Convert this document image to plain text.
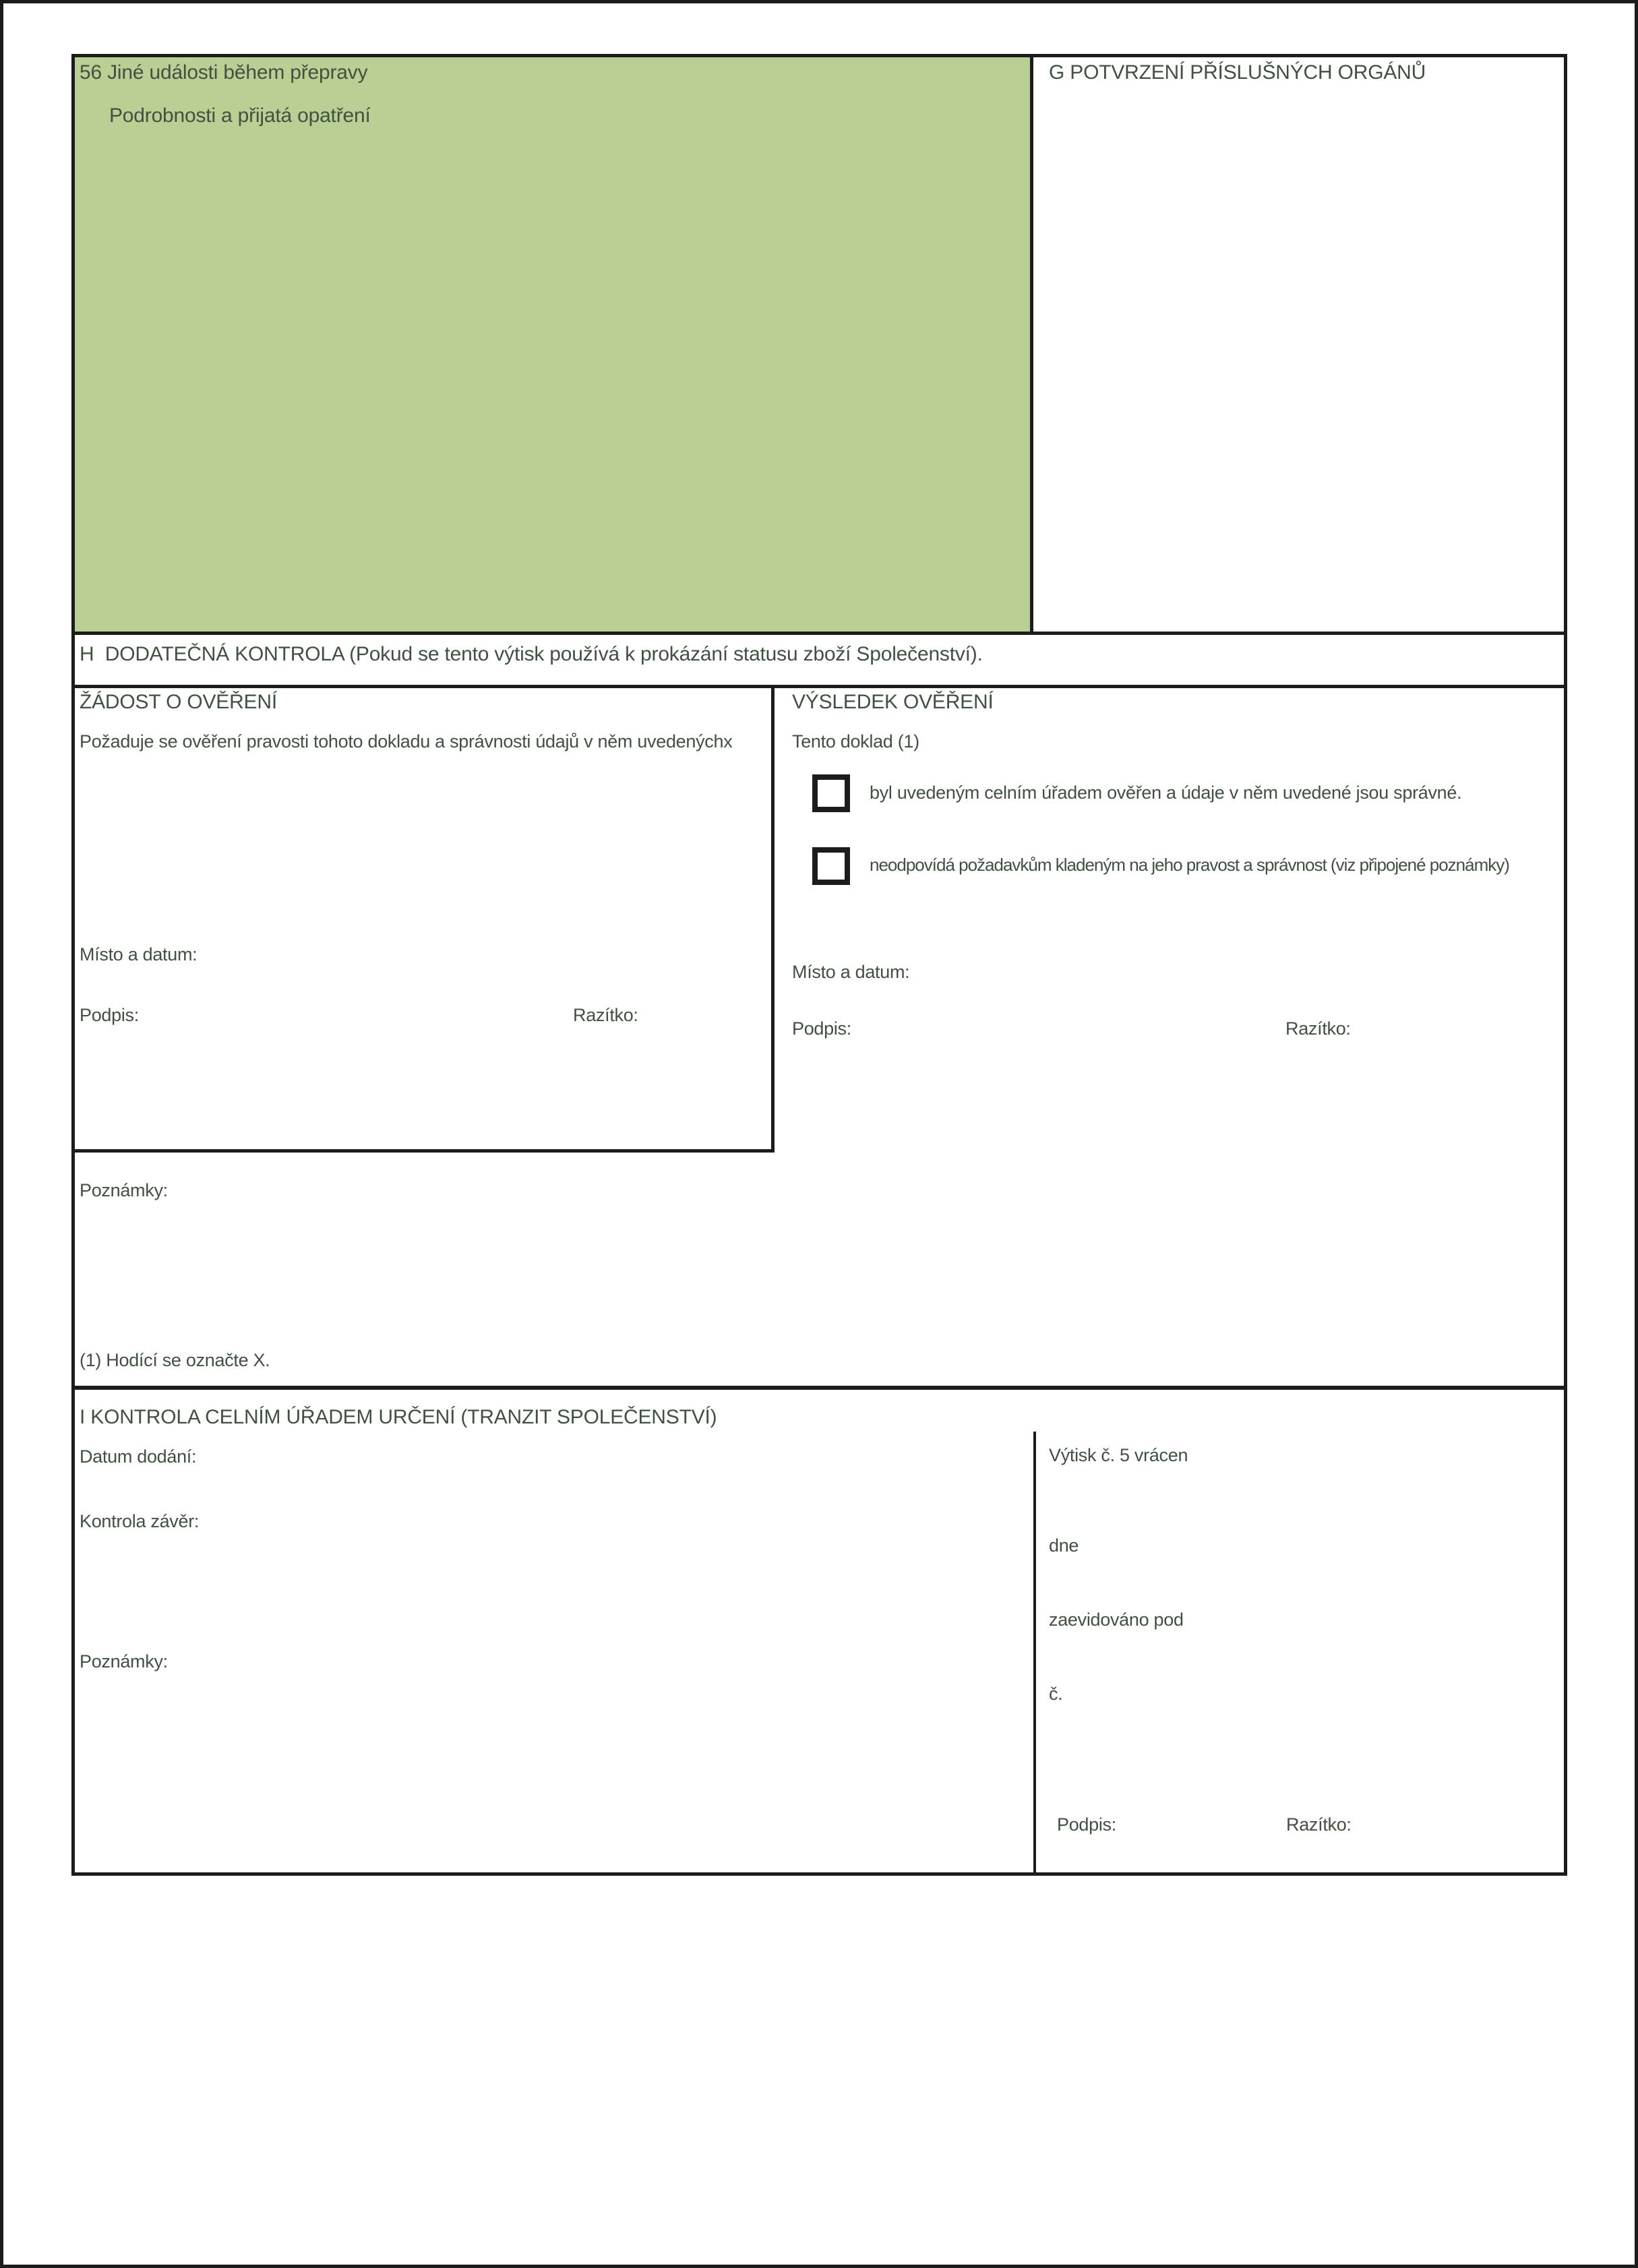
56 Jiné události během přepravy
Podrobnosti a přijatá opatření
G POTVRZENÍ PŘÍSLUŠNÝCH ORGÁNŮ
H  DODATEČNÁ KONTROLA (Pokud se tento výtisk používá k prokázání statusu zboží Společenství).
ŽÁDOST O OVĚŘENÍ
Požaduje se ověření pravosti tohoto dokladu a správnosti údajů v něm uvedenýchx
Místo a datum:
Podpis:	Razítko:
VÝSLEDEK OVĚŘENÍ
Tento doklad (1)
byl uvedeným celním úřadem ověřen a údaje v něm uvedené jsou správné.
neodpovídá požadavkům kladeným na jeho pravost a správnost (viz připojené poznámky)
Místo a datum:
Podpis:	Razítko:
Poznámky:
(1) Hodící se označte X.
I KONTROLA CELNÍM ÚŘADEM URČENÍ (TRANZIT SPOLEČENSTVÍ)
Datum dodání:
Kontrola závěr:
Poznámky:
Výtisk č. 5 vrácen
dne
zaevidováno pod
č.
Podpis:	Razítko:
